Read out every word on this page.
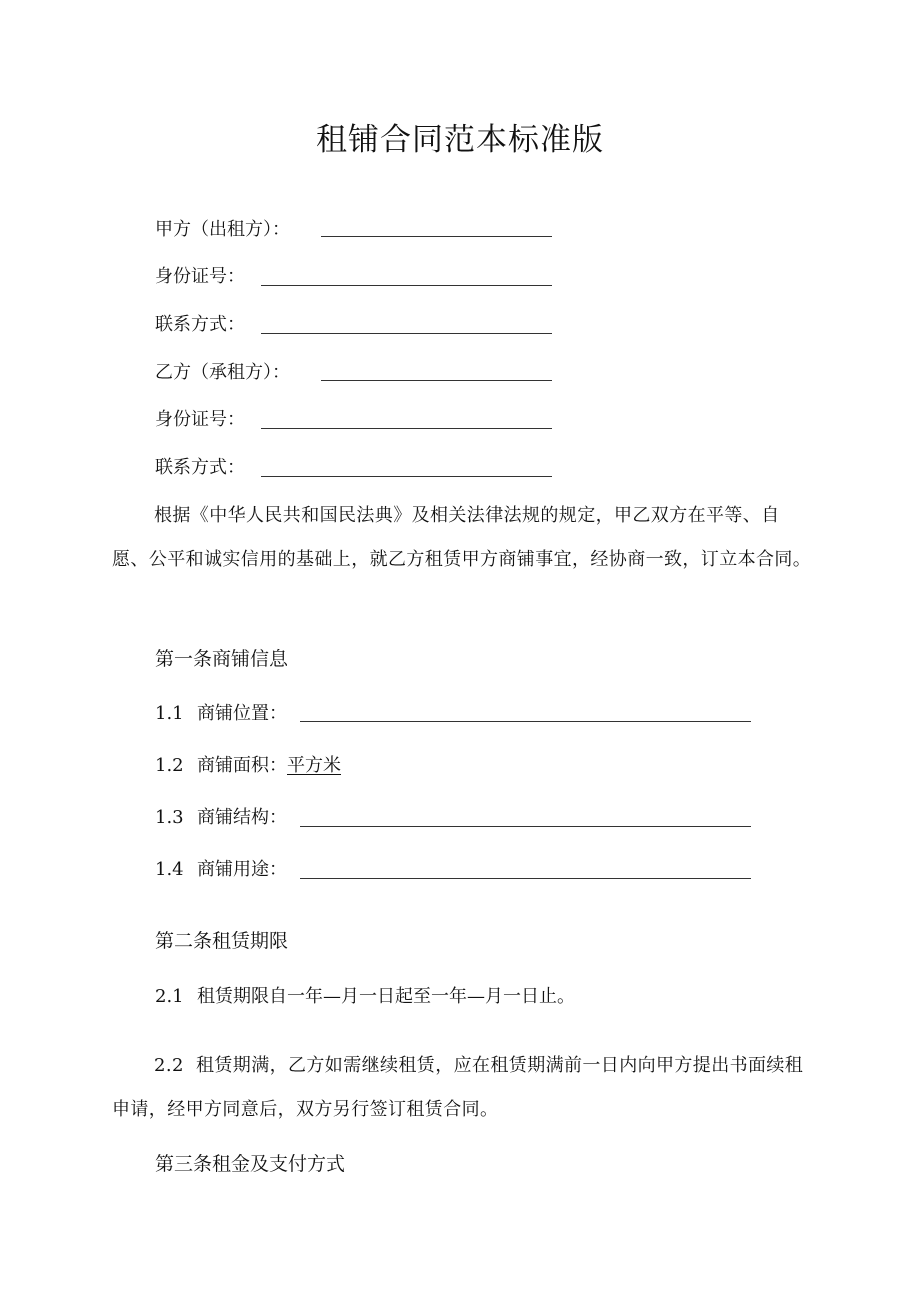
租铺合同范本标准版
甲方（出租方）：
身份证号：
联系方式：
乙方（承租方）：
身份证号：
联系方式：

根据《中华人民共和国民法典》及相关法律法规的规定，甲乙双方在平等、自愿、公平和诚实信用的基础上，就乙方租赁甲方商铺事宜，经协商一致，订立本合同。

第一条商铺信息
1.1 商铺位置：
1.2 商铺面积：平方米
1.3 商铺结构：
1.4 商铺用途：
第二条租赁期限
2.1 租赁期限自一年—月一日起至一年—月一日止。

2.2 租赁期满，乙方如需继续租赁，应在租赁期满前一日内向甲方提出书面续租申请，经甲方同意后，双方另行签订租赁合同。

第三条租金及支付方式
